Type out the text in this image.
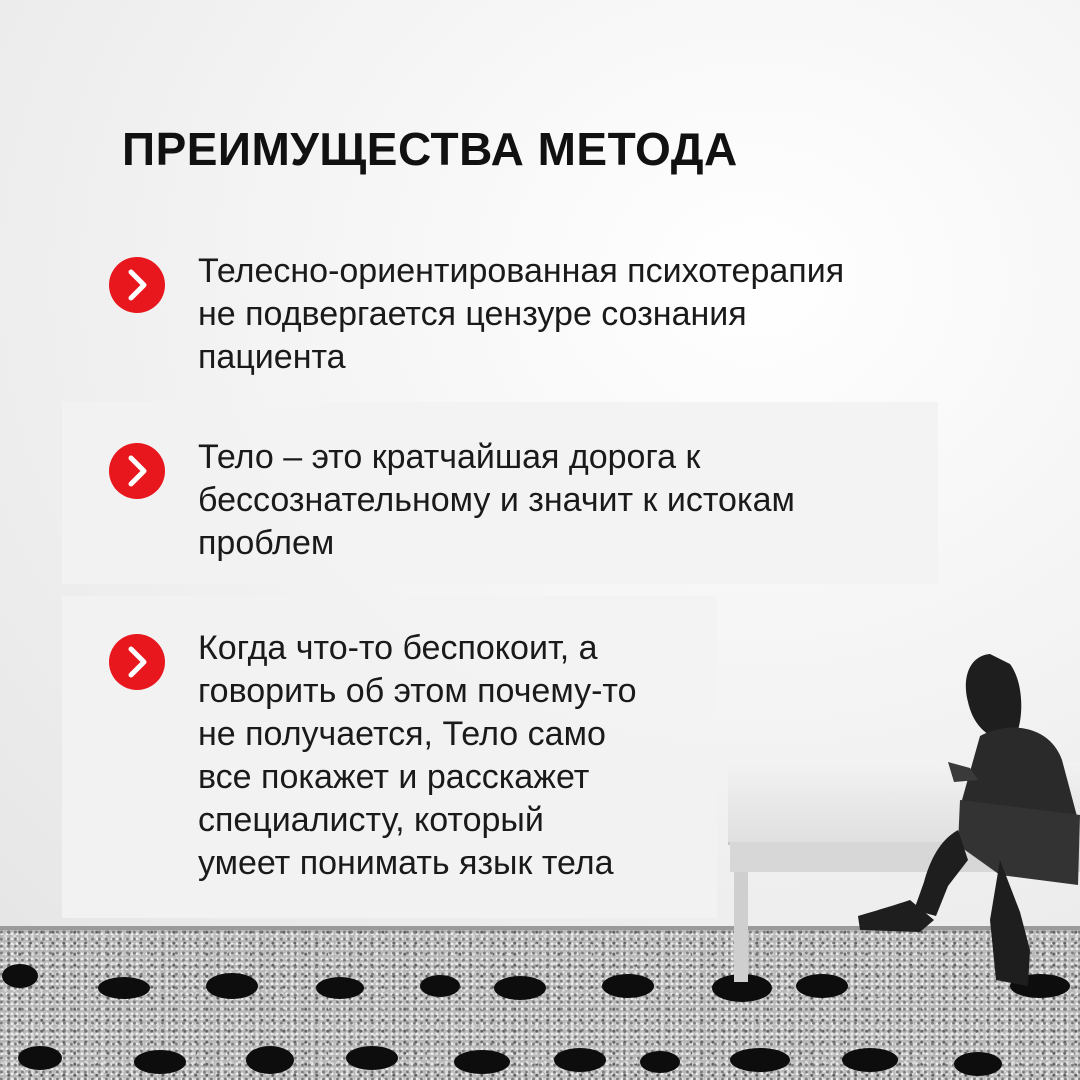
ПРЕИМУЩЕСТВА МЕТОДА

Телесно-ориентированная психотерапия
не подвергается цензуре сознания
пациента

Тело – это кратчайшая дорога к
бессознательному и значит к истокам
проблем

Когда что-то беспокоит, а
говорить об этом почему-то
не получается, Тело само
все покажет и расскажет
специалисту, который
умеет понимать язык тела
